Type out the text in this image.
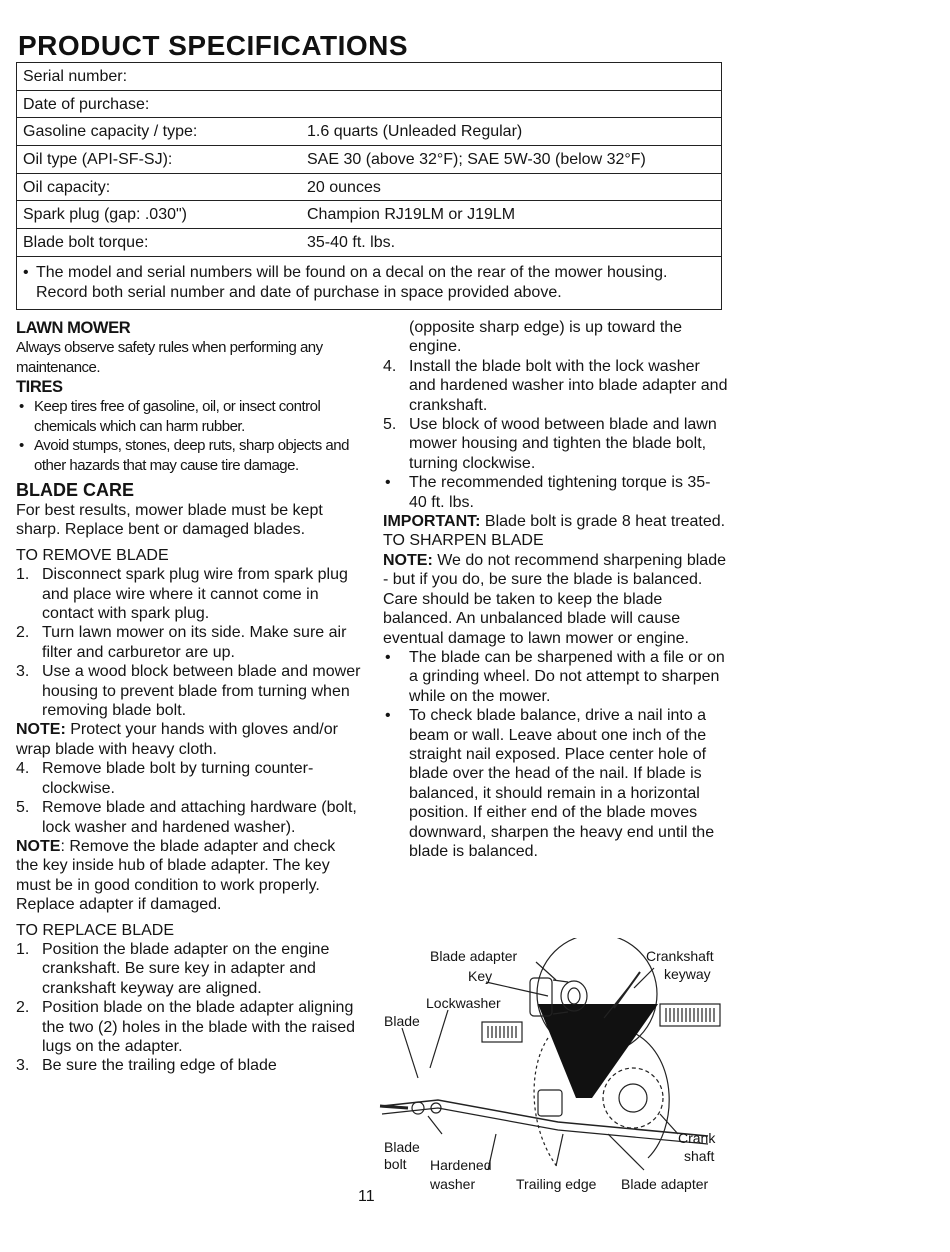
PRODUCT SPECIFICATIONS
Serial number:
Date of purchase:
Gasoline capacity / type:	1.6 quarts (Unleaded Regular)
Oil type (API-SF-SJ):	SAE 30 (above 32°F); SAE 5W-30 (below 32°F)
Oil capacity:	20 ounces
Spark plug (gap: .030")	Champion RJ19LM or J19LM
Blade bolt torque:	35-40 ft. lbs.
• The model and serial numbers will be found on a decal on the rear of the mower housing. Record both serial number and date of purchase in space provided above.
LAWN MOWER
Always observe safety rules when performing any maintenance.
TIRES
• Keep tires free of gasoline, oil, or insect control chemicals which can harm rubber.
• Avoid stumps, stones, deep ruts, sharp objects and other hazards that may cause tire damage.
BLADE CARE

For best results, mower blade must be kept sharp. Replace bent or damaged blades.

TO REMOVE BLADE

1. Disconnect spark plug wire from spark plug and place wire where it cannot come in contact with spark plug.
2. Turn lawn mower on its side. Make sure air filter and carburetor are up.
3. Use a wood block between blade and mower housing to prevent blade from turning when removing blade bolt.

NOTE: Protect your hands with gloves and/or wrap blade with heavy cloth.

4. Remove blade bolt by turning counter-clockwise.
5. Remove blade and attaching hardware (bolt, lock washer and hardened washer).

NOTE: Remove the blade adapter and check the key inside hub of blade adapter. The key must be in good condition to work properly. Replace adapter if damaged.

TO REPLACE BLADE

1. Position the blade adapter on the engine crankshaft. Be sure key in adapter and crankshaft keyway are aligned.
2. Position blade on the blade adapter aligning the two (2) holes in the blade with the raised lugs on the adapter.
3. Be sure the trailing edge of blade
(opposite sharp edge) is up toward the engine.
4. Install the blade bolt with the lock washer and hardened washer into blade adapter and crankshaft.
5. Use block of wood between blade and lawn mower housing and tighten the blade bolt, turning clockwise.
• The recommended tightening torque is 35-40 ft. lbs.

IMPORTANT: Blade bolt is grade 8 heat treated.

TO SHARPEN BLADE

NOTE: We do not recommend sharpening blade - but if you do, be sure the blade is balanced.

Care should be taken to keep the blade balanced. An unbalanced blade will cause eventual damage to lawn mower or engine.

• The blade can be sharpened with a file or on a grinding wheel. Do not attempt to sharpen while on the mower.
• To check blade balance, drive a nail into a beam or wall. Leave about one inch of the straight nail exposed. Place center hole of blade over the head of the nail. If blade is balanced, it should remain in a horizontal position. If either end of the blade moves downward, sharpen the heavy end until the blade is balanced.
Blade adapter	Crankshaft
keyway
Key
Lockwasher
Blade
Blade
bolt Hardened
washer	Trailing edge Blade adapter
Crank
shaft
11
